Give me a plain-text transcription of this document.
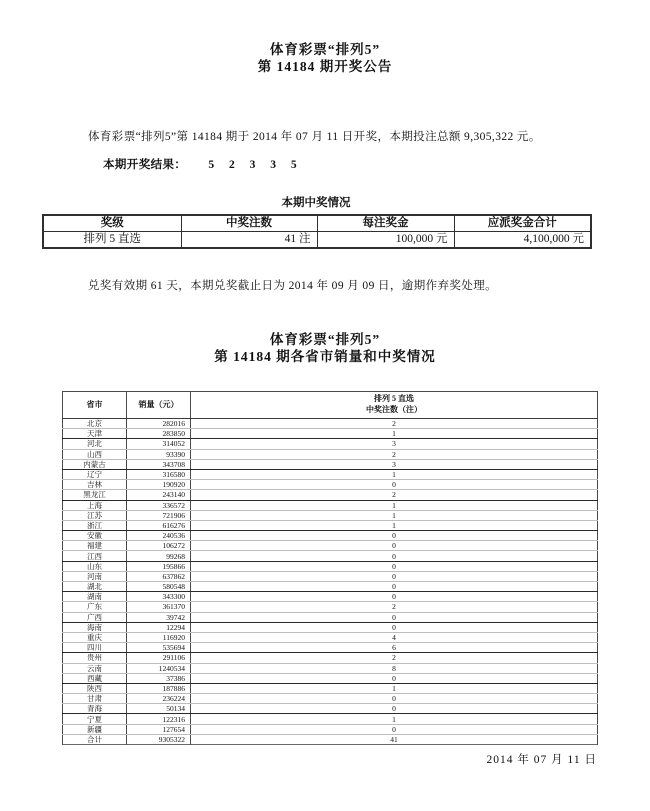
体育彩票“排列5”
第 14184 期开奖公告
体育彩票“排列5”第 14184 期于 2014 年 07 月 11 日开奖，本期投注总额 9,305,322 元。
本期开奖结果： 5 2 3 3 5
本期中奖情况
奖级	中奖注数	每注奖金	应派奖金合计
排列 5 直选	41 注	100,000 元	4,100,000 元
兑奖有效期 61 天，本期兑奖截止日为 2014 年 09 月 09 日，逾期作弃奖处理。
体育彩票“排列5”
第 14184 期各省市销量和中奖情况
省市	销量（元）	排列 5 直选
中奖注数（注）

北京	282016	2
天津	283850	1
河北	314052	3
山西	93390	2
内蒙古	343708	3
辽宁	316580	1
吉林	190920	0
黑龙江	243140	2
上海	336572	1
江苏	721906	1
浙江	616276	1
安徽	240536	0
福建	106272	0
江西	99268	0
山东	195866	0
河南	637862	0
湖北	580548	0
湖南	343300	0
广东	361370	2
广西	39742	0
海南	12294	0
重庆	116920	4
四川	535694	6
贵州	291106	2
云南	1240534	8
西藏	37386	0
陕西	187886	1
甘肃	236224	0
青海	50134	0
宁夏	122316	1
新疆	127654	0
合计	9305322	41
2014 年 07 月 11 日
